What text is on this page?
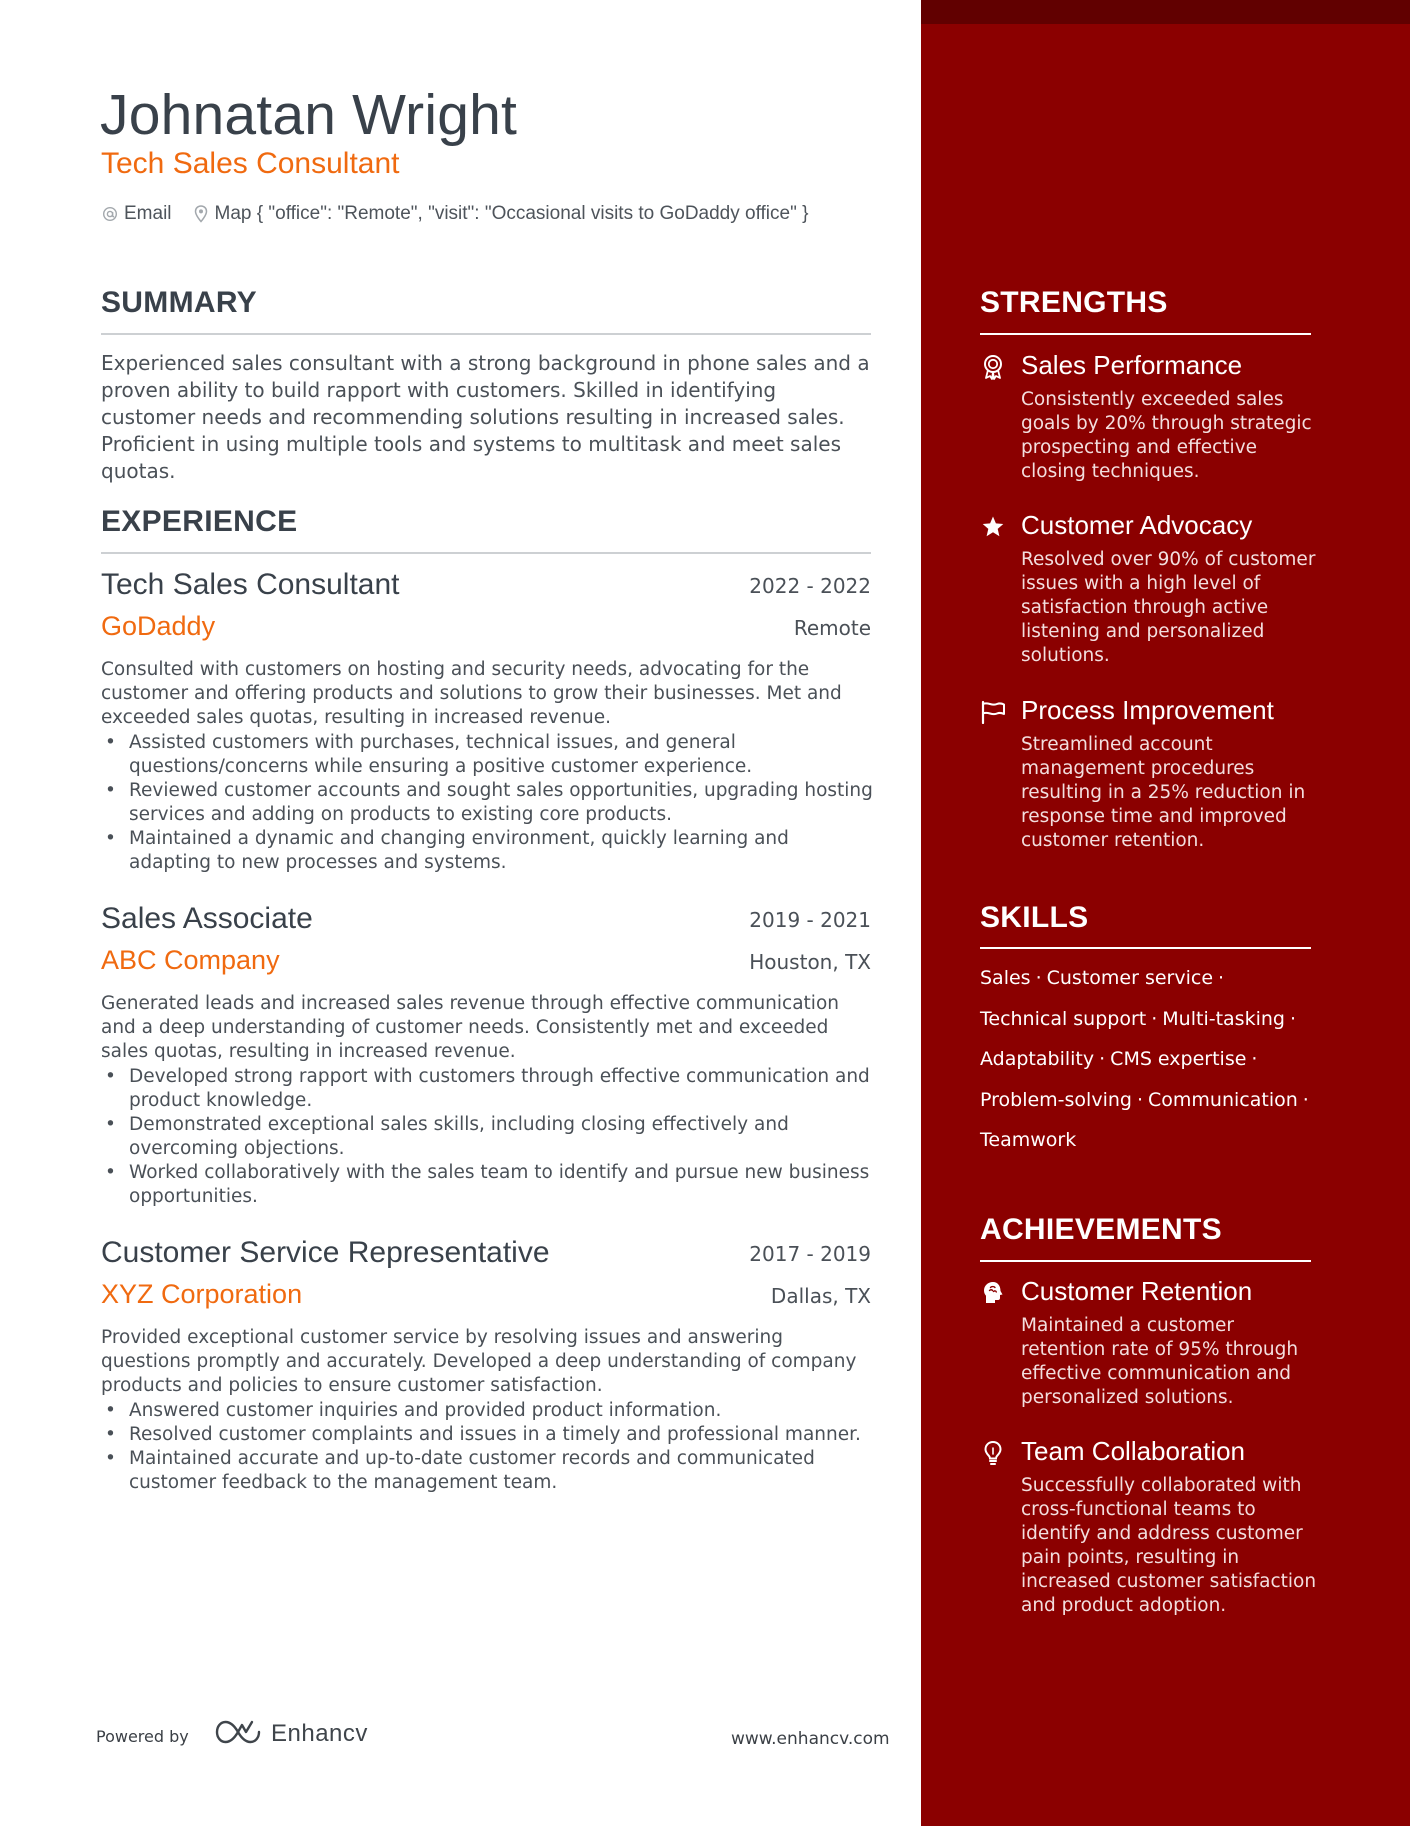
Johnatan Wright
Tech Sales Consultant
Email Map { "office": "Remote", "visit": "Occasional visits to GoDaddy office" }
SUMMARY

Experienced sales consultant with a strong background in phone sales and a proven ability to build rapport with customers. Skilled in identifying customer needs and recommending solutions resulting in increased sales. Proficient in using multiple tools and systems to multitask and meet sales quotas.

EXPERIENCE
Tech Sales Consultant	2022 - 2022
GoDaddy	Remote

Consulted with customers on hosting and security needs, advocating for the customer and offering products and solutions to grow their businesses. Met and exceeded sales quotas, resulting in increased revenue.

• Assisted customers with purchases, technical issues, and general questions/concerns while ensuring a positive customer experience.
• Reviewed customer accounts and sought sales opportunities, upgrading hosting services and adding on products to existing core products.
• Maintained a dynamic and changing environment, quickly learning and adapting to new processes and systems.
Sales Associate	2019 - 2021
ABC Company	Houston, TX

Generated leads and increased sales revenue through effective communication and a deep understanding of customer needs. Consistently met and exceeded sales quotas, resulting in increased revenue.

• Developed strong rapport with customers through effective communication and product knowledge.
• Demonstrated exceptional sales skills, including closing effectively and overcoming objections.
• Worked collaboratively with the sales team to identify and pursue new business opportunities.
Customer Service Representative	2017 - 2019
XYZ Corporation	Dallas, TX

Provided exceptional customer service by resolving issues and answering questions promptly and accurately. Developed a deep understanding of company products and policies to ensure customer satisfaction.

• Answered customer inquiries and provided product information.
• Resolved customer complaints and issues in a timely and professional manner.
• Maintained accurate and up-to-date customer records and communicated customer feedback to the management team.
Powered by	Enhancv	www.enhancv.com
STRENGTHS
Sales Performance

Consistently exceeded sales goals by 20% through strategic prospecting and effective closing techniques.

Customer Advocacy

Resolved over 90% of customer issues with a high level of satisfaction through active listening and personalized solutions.

Process Improvement

Streamlined account management procedures resulting in a 25% reduction in response time and improved customer retention.

SKILLS
Sales · Customer service ·
Technical support · Multi-tasking ·
Adaptability · CMS expertise ·
Problem-solving · Communication ·
Teamwork
ACHIEVEMENTS
Customer Retention

Maintained a customer retention rate of 95% through effective communication and personalized solutions.

Team Collaboration

Successfully collaborated with cross-functional teams to identify and address customer pain points, resulting in increased customer satisfaction and product adoption.
